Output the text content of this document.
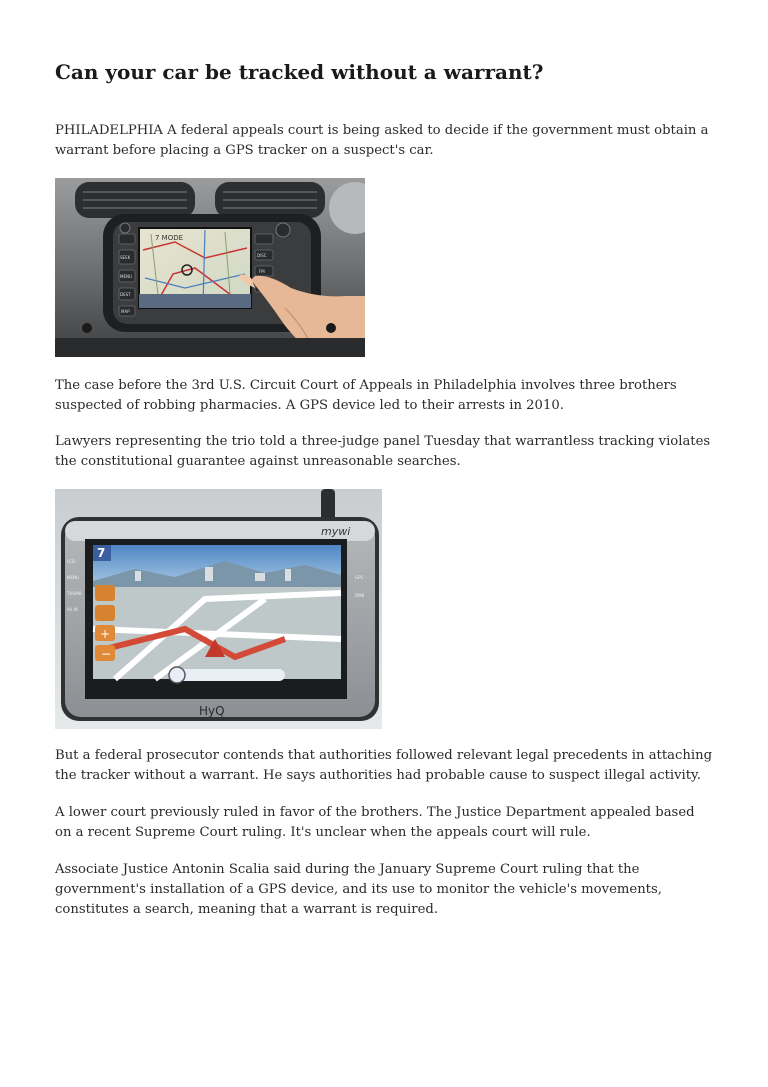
Can your car be tracked without a warrant?

PHILADELPHIA A federal appeals court is being asked to decide if the government must obtain a warrant before placing a GPS tracker on a suspect's car.

7 MODE
SEEK
MENU
DEST
MAP
DISC
FM

The case before the 3rd U.S. Circuit Court of Appeals in Philadelphia involves three brothers suspected of robbing pharmacies. A GPS device led to their arrests in 2010.

Lawyers representing the trio told a three-judge panel Tuesday that warrantless tracking violates the constitutional guarantee against unreasonable searches.

mywi
+
−
7
LCD
MENU
THUMB
AV IN
GPS
DMB
HyQ

But a federal prosecutor contends that authorities followed relevant legal precedents in attaching the tracker without a warrant. He says authorities had probable cause to suspect illegal activity.

A lower court previously ruled in favor of the brothers. The Justice Department appealed based on a recent Supreme Court ruling. It's unclear when the appeals court will rule.

Associate Justice Antonin Scalia said during the January Supreme Court ruling that the government's installation of a GPS device, and its use to monitor the vehicle's movements, constitutes a search, meaning that a warrant is required.
